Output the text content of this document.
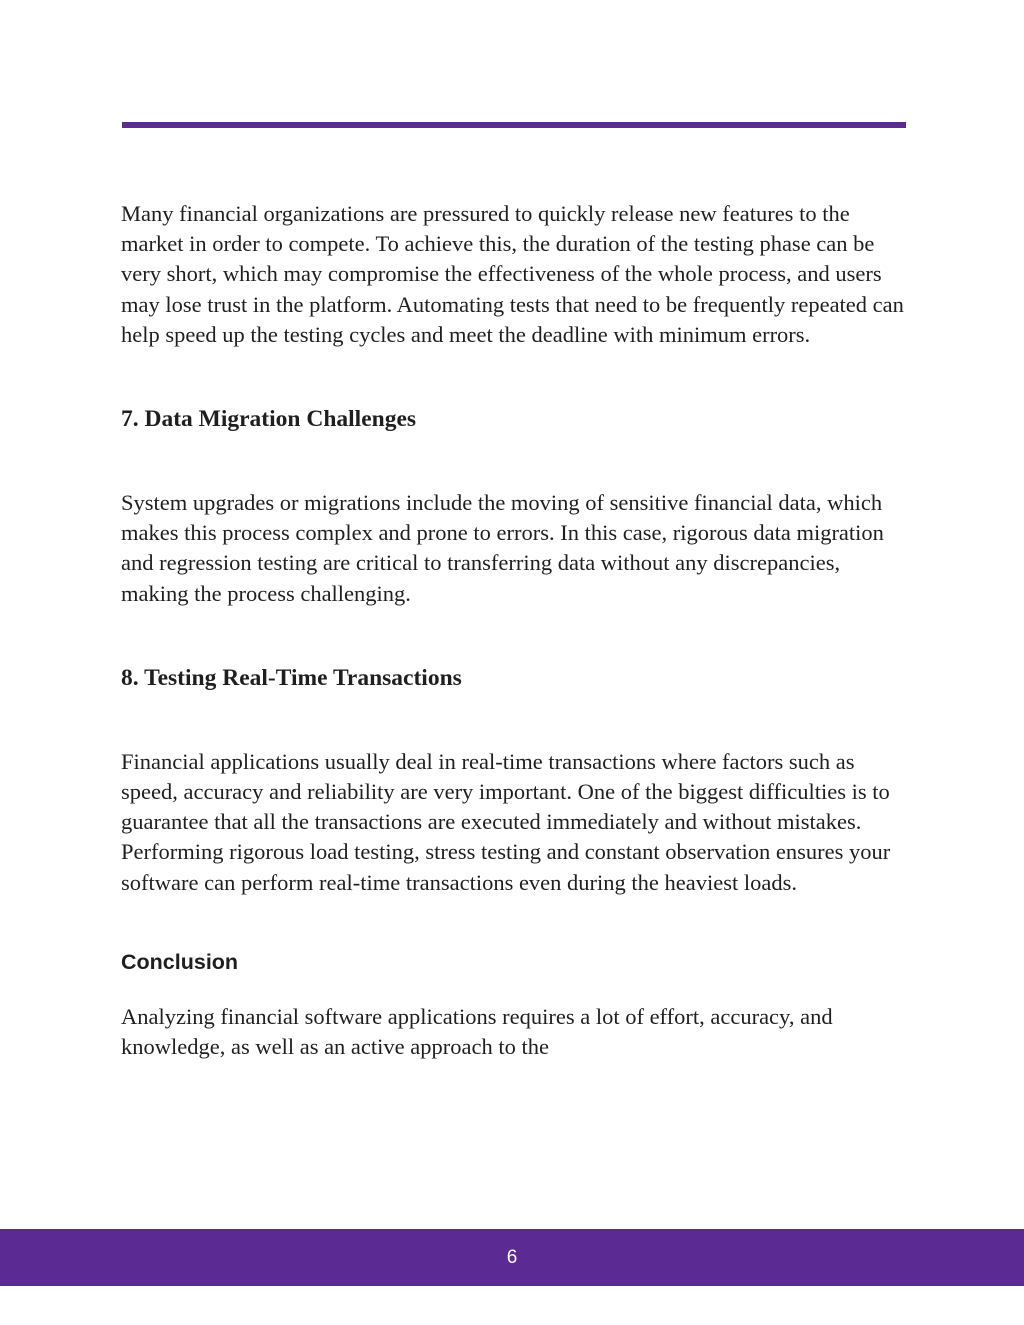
Many financial organizations are pressured to quickly release new features to the market in order to compete. To achieve this, the duration of the testing phase can be very short, which may compromise the effectiveness of the whole process, and users may lose trust in the platform. Automating tests that need to be frequently repeated can help speed up the testing cycles and meet the deadline with minimum errors.

7. Data Migration Challenges

System upgrades or migrations include the moving of sensitive financial data, which makes this process complex and prone to errors. In this case, rigorous data migration and regression testing are critical to transferring data without any discrepancies, making the process challenging.

8. Testing Real-Time Transactions

Financial applications usually deal in real-time transactions where factors such as speed, accuracy and reliability are very important. One of the biggest difficulties is to guarantee that all the transactions are executed immediately and without mistakes. Performing rigorous load testing, stress testing and constant observation ensures your software can perform real-time transactions even during the heaviest loads.

Conclusion

Analyzing financial software applications requires a lot of effort, accuracy, and knowledge, as well as an active approach to the

6
